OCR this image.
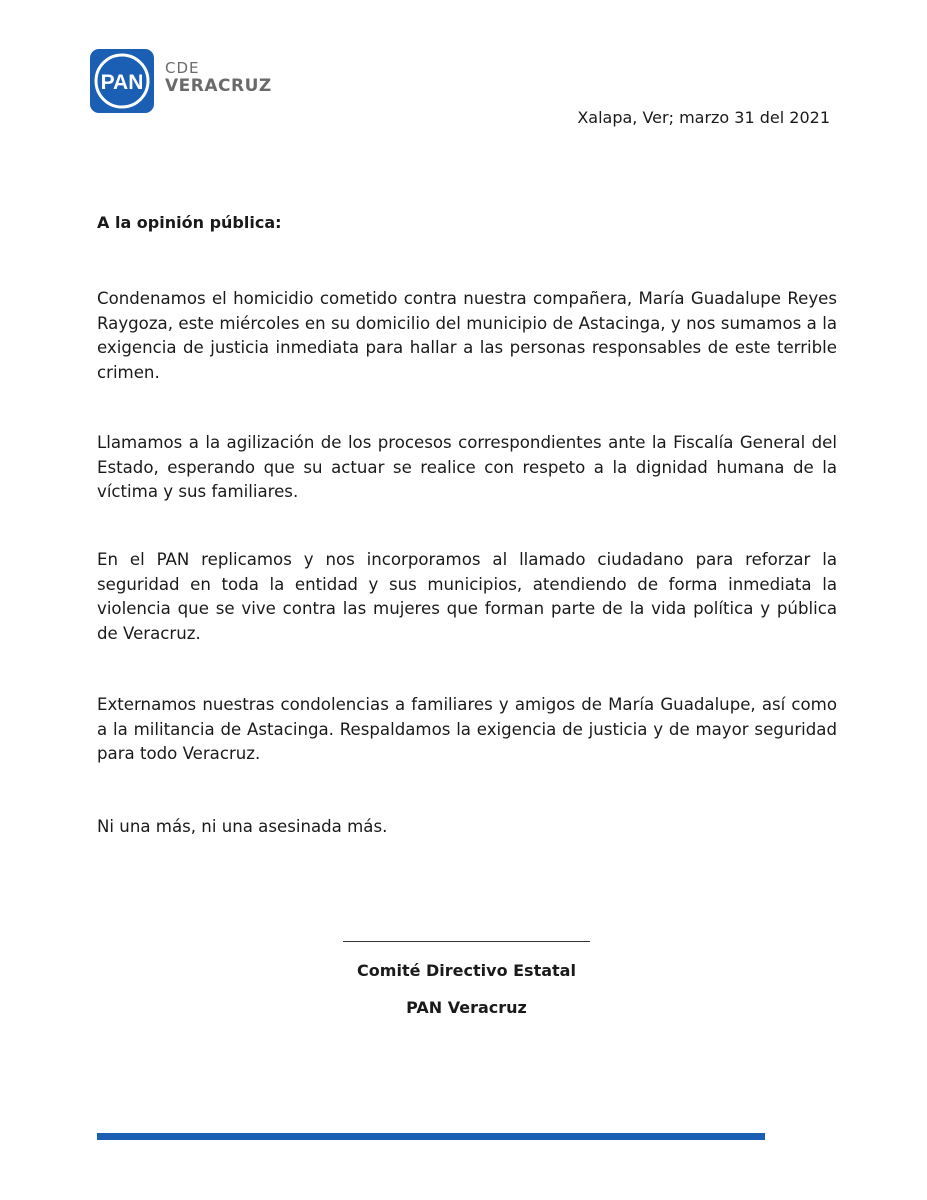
PAN
CDE
VERACRUZ
Xalapa, Ver; marzo 31 del 2021
A la opinión pública:

Condenamos el homicidio cometido contra nuestra compañera, María Guadalupe Reyes Raygoza, este miércoles en su domicilio del municipio de Astacinga, y nos sumamos a la exigencia de justicia inmediata para hallar a las personas responsables de este terrible crimen.

Llamamos a la agilización de los procesos correspondientes ante la Fiscalía General del Estado, esperando que su actuar se realice con respeto a la dignidad humana de la víctima y sus familiares.

En el PAN replicamos y nos incorporamos al llamado ciudadano para reforzar la seguridad en toda la entidad y sus municipios, atendiendo de forma inmediata la violencia que se vive contra las mujeres que forman parte de la vida política y pública de Veracruz.

Externamos nuestras condolencias a familiares y amigos de María Guadalupe, así como a la militancia de Astacinga. Respaldamos la exigencia de justicia y de mayor seguridad para todo Veracruz.

Ni una más, ni una asesinada más.
Comité Directivo Estatal
PAN Veracruz
